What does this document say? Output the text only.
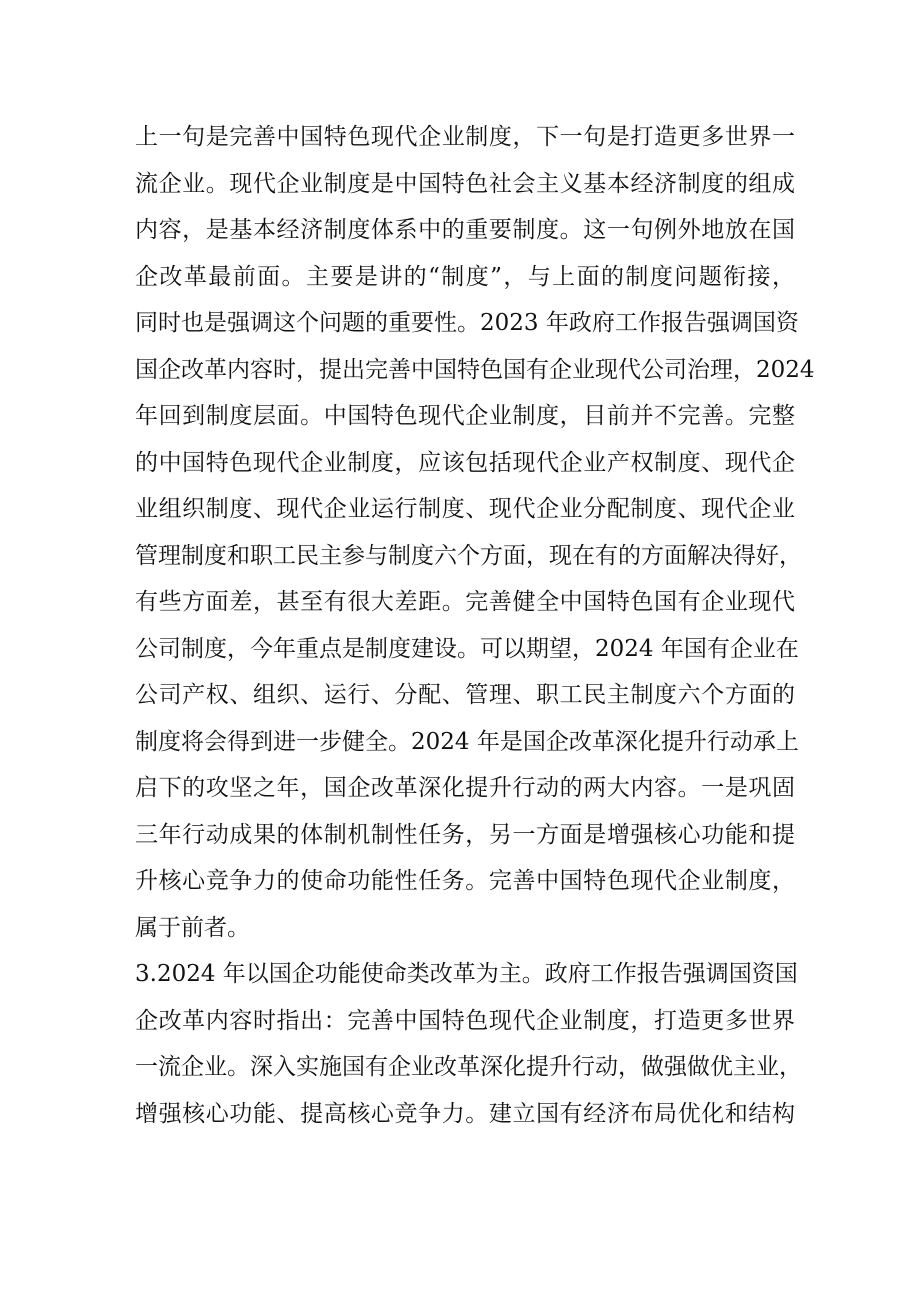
上一句是完善中国特色现代企业制度，下一句是打造更多世界一
流企业。现代企业制度是中国特色社会主义基本经济制度的组成
内容，是基本经济制度体系中的重要制度。这一句例外地放在国
企改革最前面。主要是讲的“制度”，与上面的制度问题衔接，
同时也是强调这个问题的重要性。2023 年政府工作报告强调国资
国企改革内容时，提出完善中国特色国有企业现代公司治理，2024
年回到制度层面。中国特色现代企业制度，目前并不完善。完整
的中国特色现代企业制度，应该包括现代企业产权制度、现代企
业组织制度、现代企业运行制度、现代企业分配制度、现代企业
管理制度和职工民主参与制度六个方面，现在有的方面解决得好，
有些方面差，甚至有很大差距。完善健全中国特色国有企业现代
公司制度，今年重点是制度建设。可以期望，2024 年国有企业在
公司产权、组织、运行、分配、管理、职工民主制度六个方面的
制度将会得到进一步健全。2024 年是国企改革深化提升行动承上
启下的攻坚之年，国企改革深化提升行动的两大内容。一是巩固
三年行动成果的体制机制性任务，另一方面是增强核心功能和提
升核心竞争力的使命功能性任务。完善中国特色现代企业制度，
属于前者。
3.2024 年以国企功能使命类改革为主。政府工作报告强调国资国
企改革内容时指出：完善中国特色现代企业制度，打造更多世界
一流企业。深入实施国有企业改革深化提升行动，做强做优主业，
增强核心功能、提高核心竞争力。建立国有经济布局优化和结构
